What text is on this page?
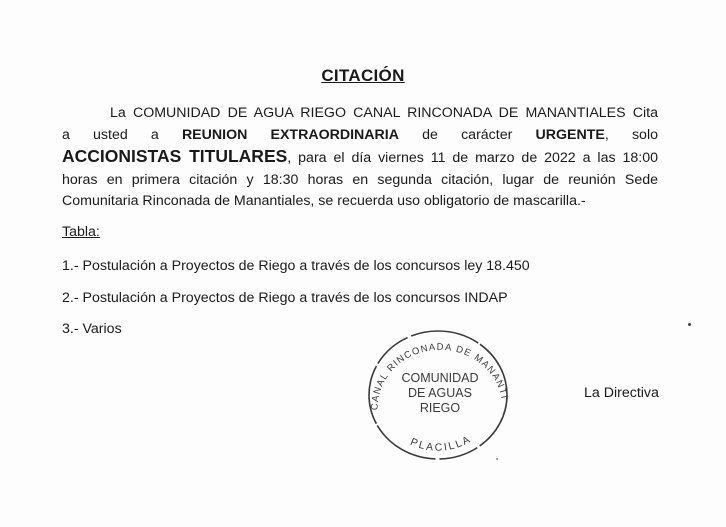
CITACIÓN
La COMUNIDAD DE AGUA RIEGO CANAL RINCONADA DE MANANTIALES Cita
a usted a REUNION EXTRAORDINARIA de carácter URGENTE, solo
ACCIONISTAS TITULARES, para el día viernes 11 de marzo de 2022 a las 18:00
horas en primera citación y 18:30 horas en segunda citación, lugar de reunión Sede
Comunitaria Rinconada de Manantiales, se recuerda uso obligatorio de mascarilla.-
Tabla:
1.- Postulación a Proyectos de Riego a través de los concursos ley 18.450
2.- Postulación a Proyectos de Riego a través de los concursos INDAP
3.- Varios
CANAL RINCONADA DE MANANTI
PLACILLA
COMUNIDAD
DE AGUAS
RIEGO
La Directiva
